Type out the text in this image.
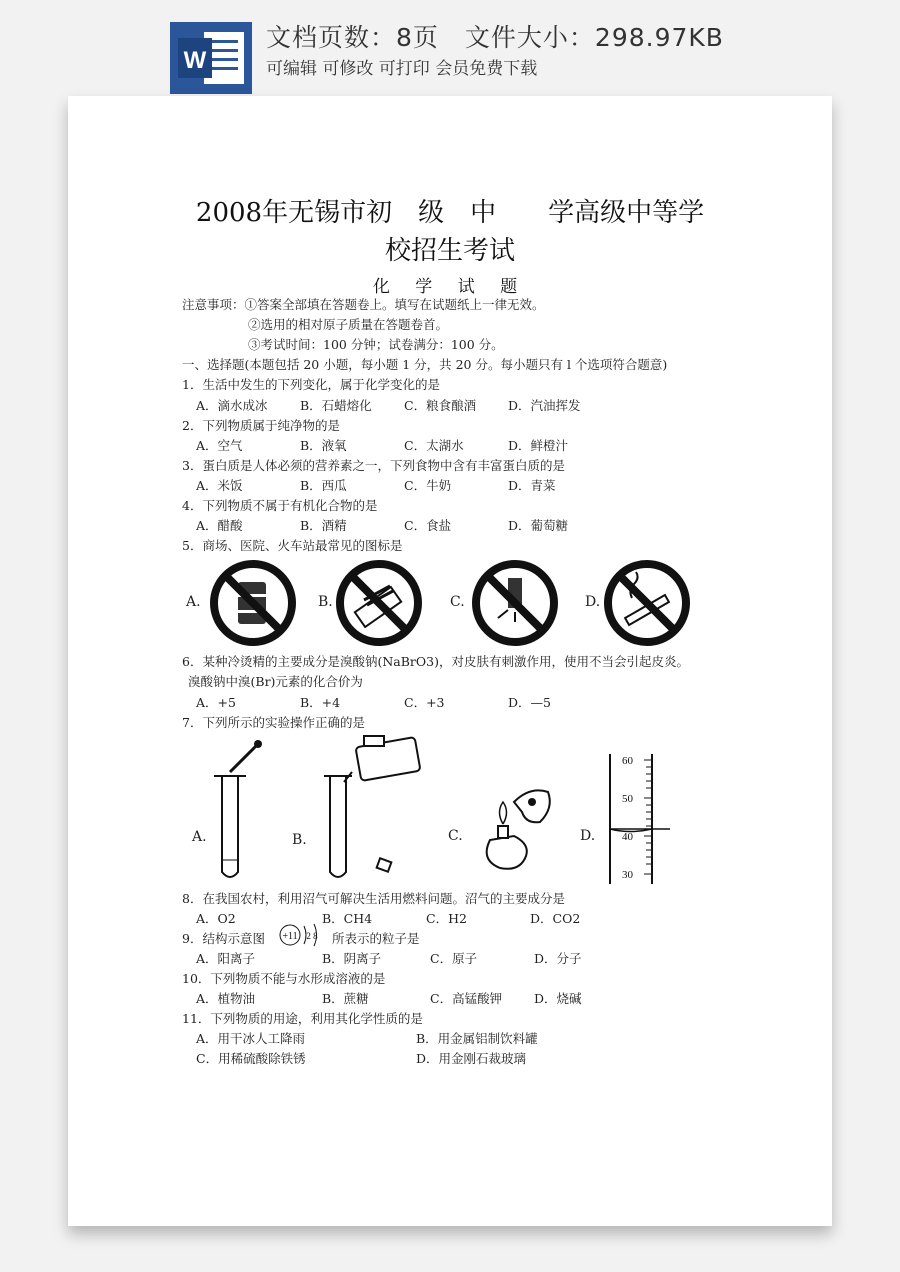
W
文档页数：8页　文件大小：298.97KB
可编辑 可修改 可打印 会员免费下载
2008年无锡市初　级　中　　学高级中等学
校招生考试
化 学 试 题
注意事项：①答案全部填在答题卷上。填写在试题纸上一律无效。
②选用的相对原子质量在答题卷首。
③考试时间：100 分钟；试卷满分：100 分。
一、选择题(本题包括 20 小题，每小题 1 分，共 20 分。每小题只有 l 个选项符合题意)
1．生活中发生的下列变化，属于化学变化的是
A．滴水成冰	B．石蜡熔化	C．粮食酿酒	D．汽油挥发
2．下列物质属于纯净物的是
A．空气	B．液氧	C．太湖水	D．鲜橙汁
3．蛋白质是人体必须的营养素之一，下列食物中含有丰富蛋白质的是
A．米饭	B．西瓜	C．牛奶	D．青菜
4．下列物质不属于有机化合物的是
A．醋酸	B．酒精	C．食盐	D．葡萄糖
5．商场、医院、火车站最常见的图标是
A.	B.	C.	D.
6．某种冷烫精的主要成分是溴酸钠(NaBrO3)，对皮肤有刺激作用，使用不当会引起皮炎。
溴酸钠中溴(Br)元素的化合价为
A．+5	B．+4	C．+3	D．—5
7．下列所示的实验操作正确的是
A.	B.	C.	D.
60
50
40
30
8．在我国农村，利用沼气可解决生活用燃料问题。沼气的主要成分是
A．O2	B．CH4	C．H2	D．CO2
9．结构示意图 +11 2 8 所表示的粒子是
A．阳离子	B．阴离子	C．原子	D．分子
10．下列物质不能与水形成溶液的是
A．植物油	B．蔗糖	C．高锰酸钾	D．烧碱
11．下列物质的用途，利用其化学性质的是
A．用干冰人工降雨	B．用金属铝制饮料罐
C．用稀硫酸除铁锈	D．用金刚石裁玻璃
